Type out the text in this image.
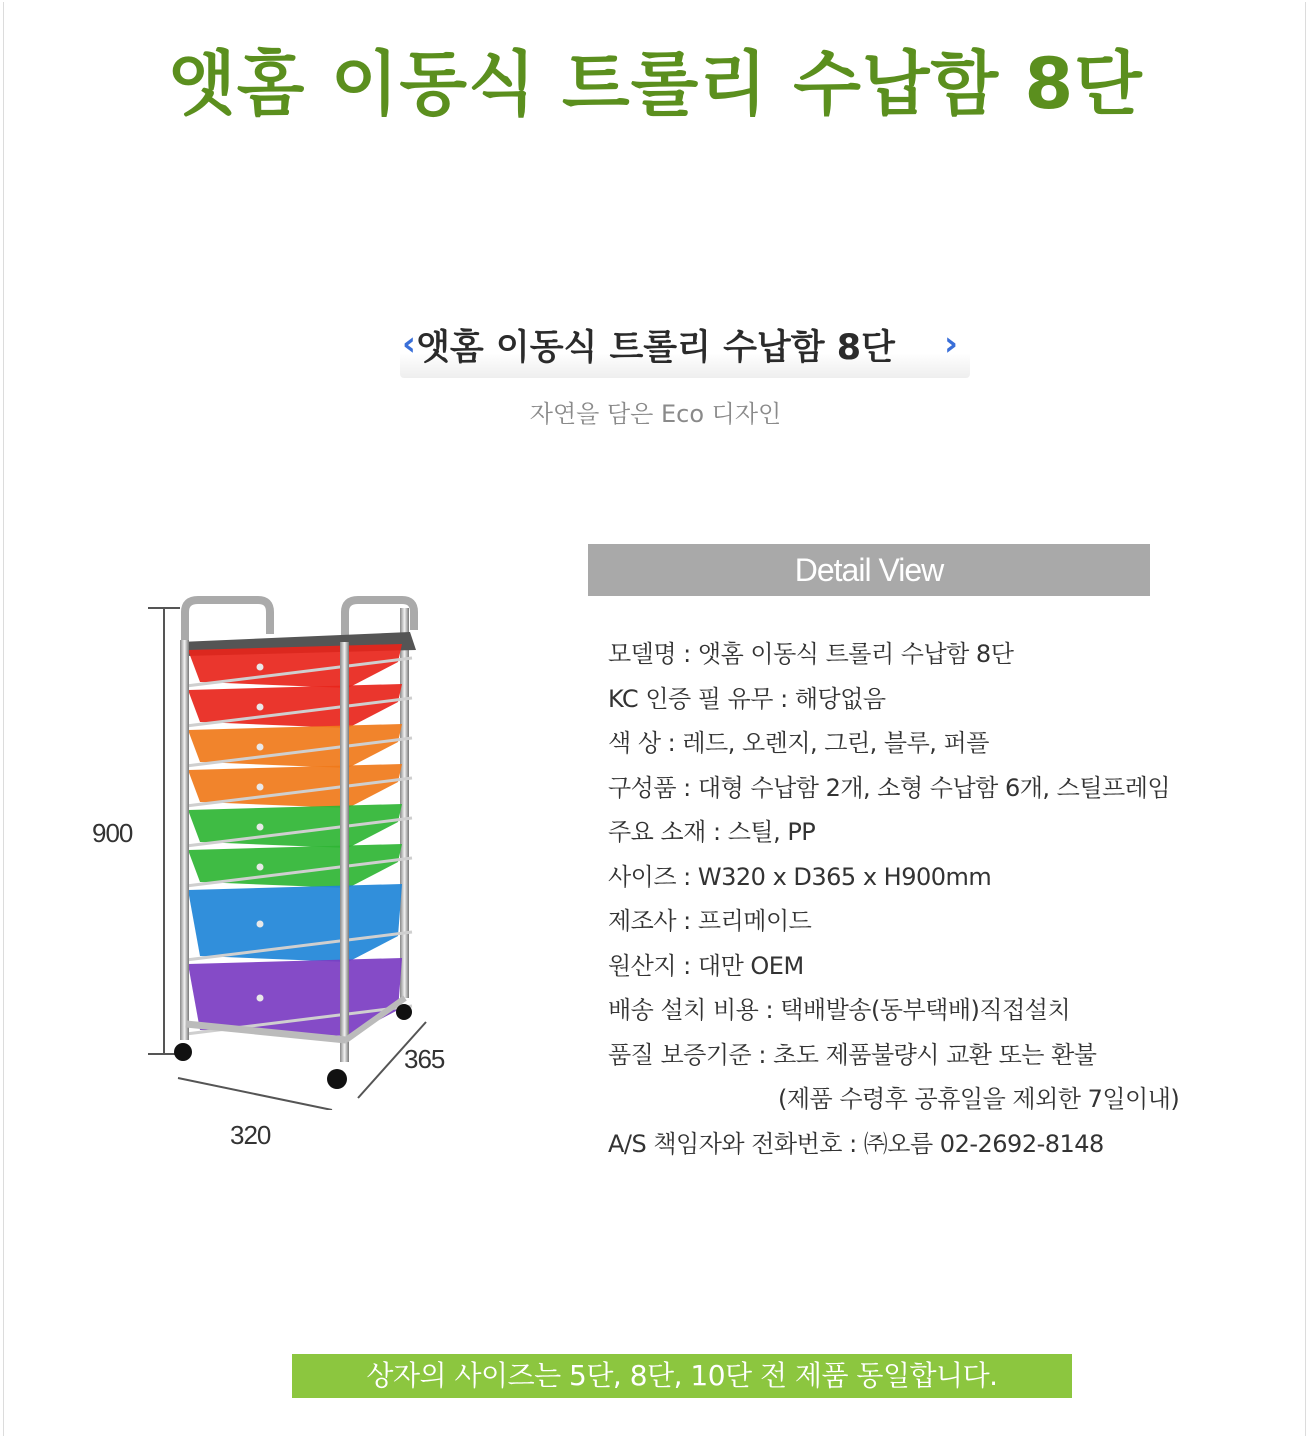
앳홈 이동식 트롤리 수납함 8단
‹ 앳홈 이동식 트롤리 수납함 8단	›
자연을 담은 Eco 디자인
900
320
365
Detail View
모델명 : 앳홈 이동식 트롤리 수납함 8단
KC 인증 필 유무 : 해당없음
색 상 : 레드, 오렌지, 그린, 블루, 퍼플
구성품 : 대형 수납함 2개, 소형 수납함 6개, 스틸프레임
주요 소재 : 스틸, PP
사이즈 : W320 x D365 x H900mm
제조사 : 프리메이드
원산지 : 대만 OEM
배송 설치 비용 : 택배발송(동부택배)직접설치
품질 보증기준 : 초도 제품불량시 교환 또는 환불
(제품 수령후 공휴일을 제외한 7일이내)
A/S 책임자와 전화번호 : ㈜오름 02-2692-8148
상자의 사이즈는 5단, 8단, 10단 전 제품 동일합니다.
